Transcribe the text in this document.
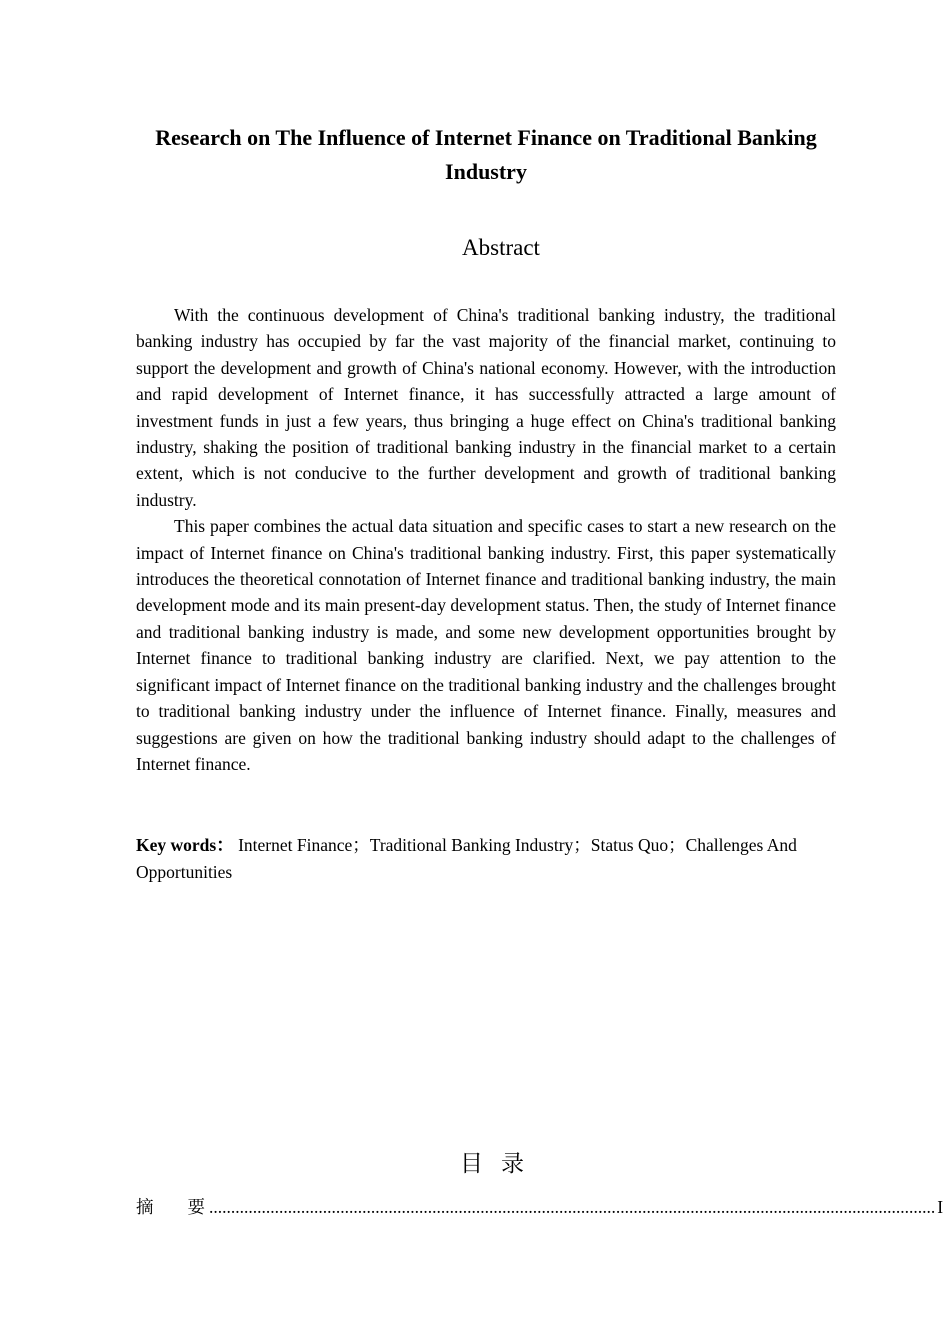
Research on The Influence of Internet Finance on Traditional Banking Industry
Abstract

With the continuous development of China's traditional banking industry, the traditional banking industry has occupied by far the vast majority of the financial market, continuing to support the development and growth of China's national economy. However, with the introduction and rapid development of Internet finance, it has successfully attracted a large amount of investment funds in just a few years, thus bringing a huge effect on China's traditional banking industry, shaking the position of traditional banking industry in the financial market to a certain extent, which is not conducive to the further development and growth of traditional banking industry.

This paper combines the actual data situation and specific cases to start a new research on the impact of Internet finance on China's traditional banking industry. First, this paper systematically introduces the theoretical connotation of Internet finance and traditional banking industry, the main development mode and its main present-day development status. Then, the study of Internet finance and traditional banking industry is made, and some new development opportunities brought by Internet finance to traditional banking industry are clarified. Next, we pay attention to the significant impact of Internet finance on the traditional banking industry and the challenges brought to traditional banking industry under the influence of Internet finance. Finally, measures and suggestions are given on how the traditional banking industry should adapt to the challenges of Internet finance.

Key words： Internet Finance；Traditional Banking Industry；Status Quo；Challenges And Opportunities

目录
摘要
...................................................................................................................................................................... I
